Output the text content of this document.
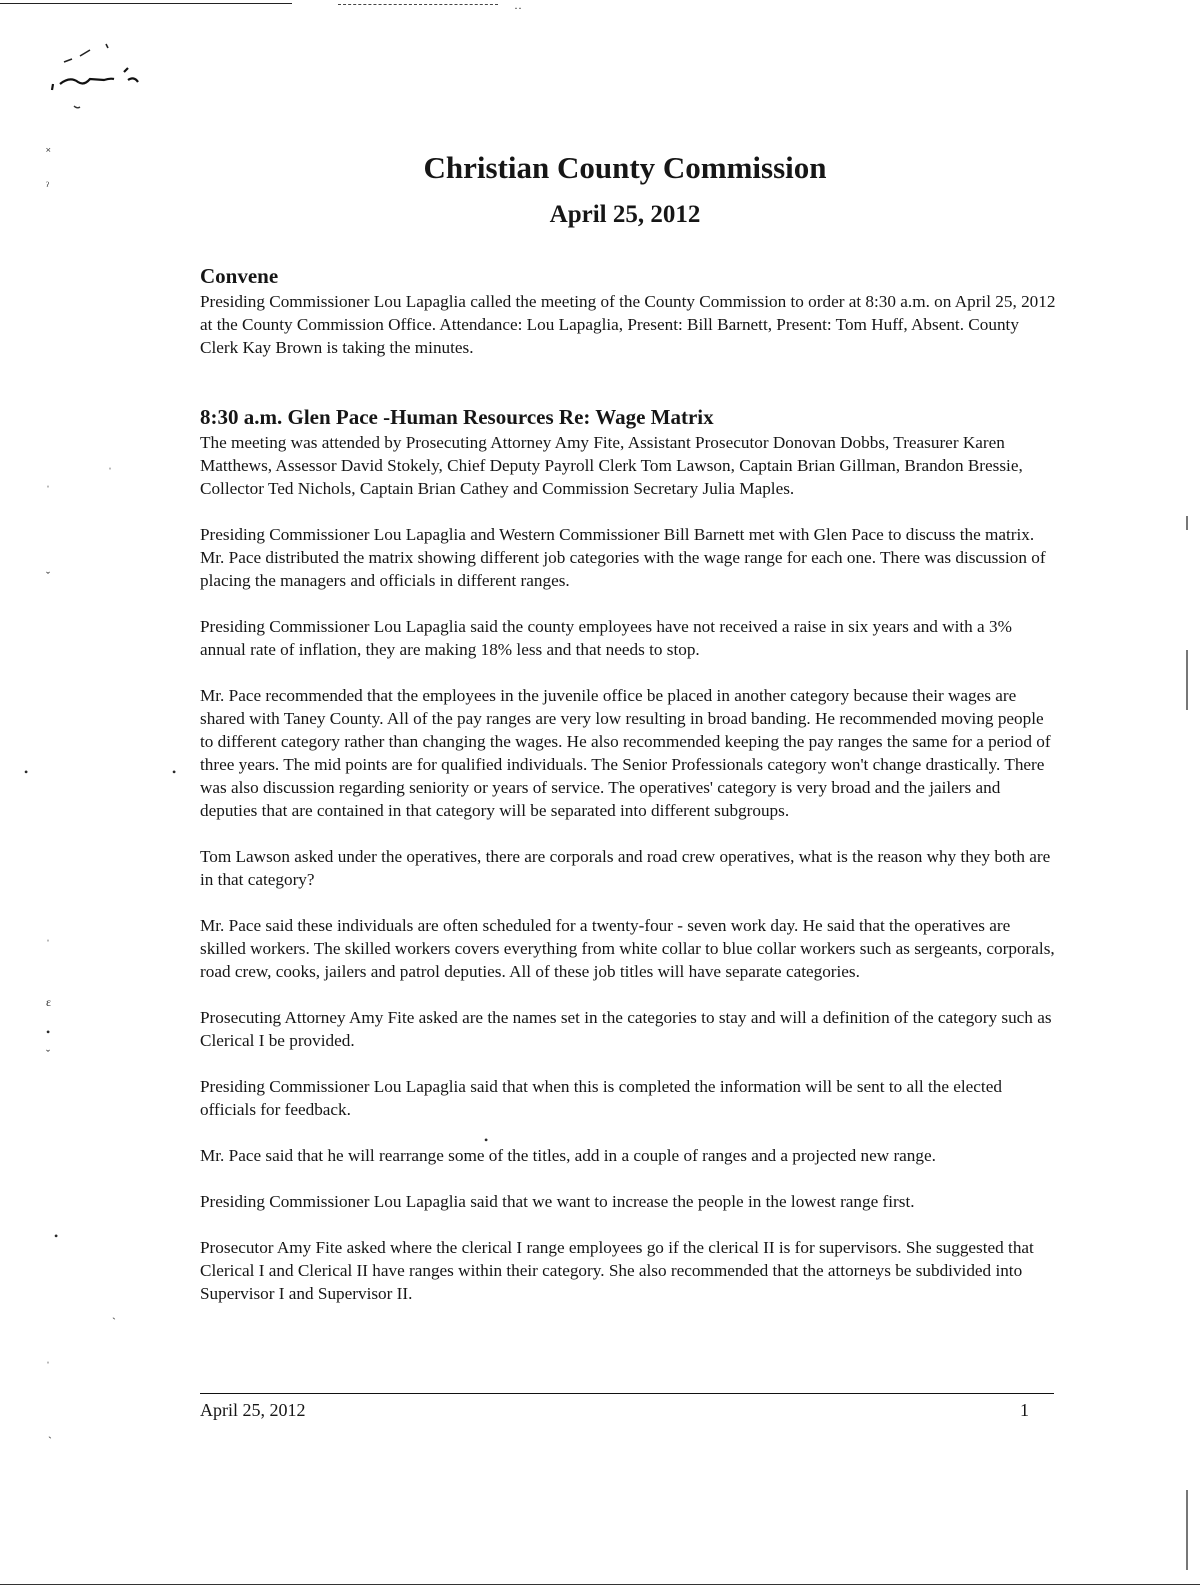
··
˟
ˀ
ˈ
ˈ
ˇ
•	•
ˈ
ɛ
•
ˇ
•
•
ˋ
ˈ
ˏ
Christian County Commission
April 25, 2012
Convene

Presiding Commissioner Lou Lapaglia called the meeting of the County Commission to order at 8:30 a.m. on April 25, 2012 at the County Commission Office. Attendance: Lou Lapaglia, Present: Bill Barnett, Present: Tom Huff, Absent. County Clerk Kay Brown is taking the minutes.

8:30 a.m. Glen Pace -Human Resources Re: Wage Matrix

The meeting was attended by Prosecuting Attorney Amy Fite, Assistant Prosecutor Donovan Dobbs, Treasurer Karen Matthews, Assessor David Stokely, Chief Deputy Payroll Clerk Tom Lawson, Captain Brian Gillman, Brandon Bressie, Collector Ted Nichols, Captain Brian Cathey and Commission Secretary Julia Maples.

Presiding Commissioner Lou Lapaglia and Western Commissioner Bill Barnett met with Glen Pace to discuss the matrix. Mr. Pace distributed the matrix showing different job categories with the wage range for each one. There was discussion of placing the managers and officials in different ranges.

Presiding Commissioner Lou Lapaglia said the county employees have not received a raise in six years and with a 3% annual rate of inflation, they are making 18% less and that needs to stop.

Mr. Pace recommended that the employees in the juvenile office be placed in another category because their wages are shared with Taney County. All of the pay ranges are very low resulting in broad banding. He recommended moving people to different category rather than changing the wages. He also recommended keeping the pay ranges the same for a period of three years. The mid points are for qualified individuals. The Senior Professionals category won't change drastically. There was also discussion regarding seniority or years of service. The operatives' category is very broad and the jailers and deputies that are contained in that category will be separated into different subgroups.

Tom Lawson asked under the operatives, there are corporals and road crew operatives, what is the reason why they both are in that category?

Mr. Pace said these individuals are often scheduled for a twenty-four - seven work day. He said that the operatives are skilled workers. The skilled workers covers everything from white collar to blue collar workers such as sergeants, corporals, road crew, cooks, jailers and patrol deputies. All of these job titles will have separate categories.

Prosecuting Attorney Amy Fite asked are the names set in the categories to stay and will a definition of the category such as Clerical I be provided.

Presiding Commissioner Lou Lapaglia said that when this is completed the information will be sent to all the elected officials for feedback.

Mr. Pace said that he will rearrange some of the titles, add in a couple of ranges and a projected new range.

Presiding Commissioner Lou Lapaglia said that we want to increase the people in the lowest range first.

Prosecutor Amy Fite asked where the clerical I range employees go if the clerical II is for supervisors. She suggested that Clerical I and Clerical II have ranges within their category. She also recommended that the attorneys be subdivided into Supervisor I and Supervisor II.

April 25, 2012	1
